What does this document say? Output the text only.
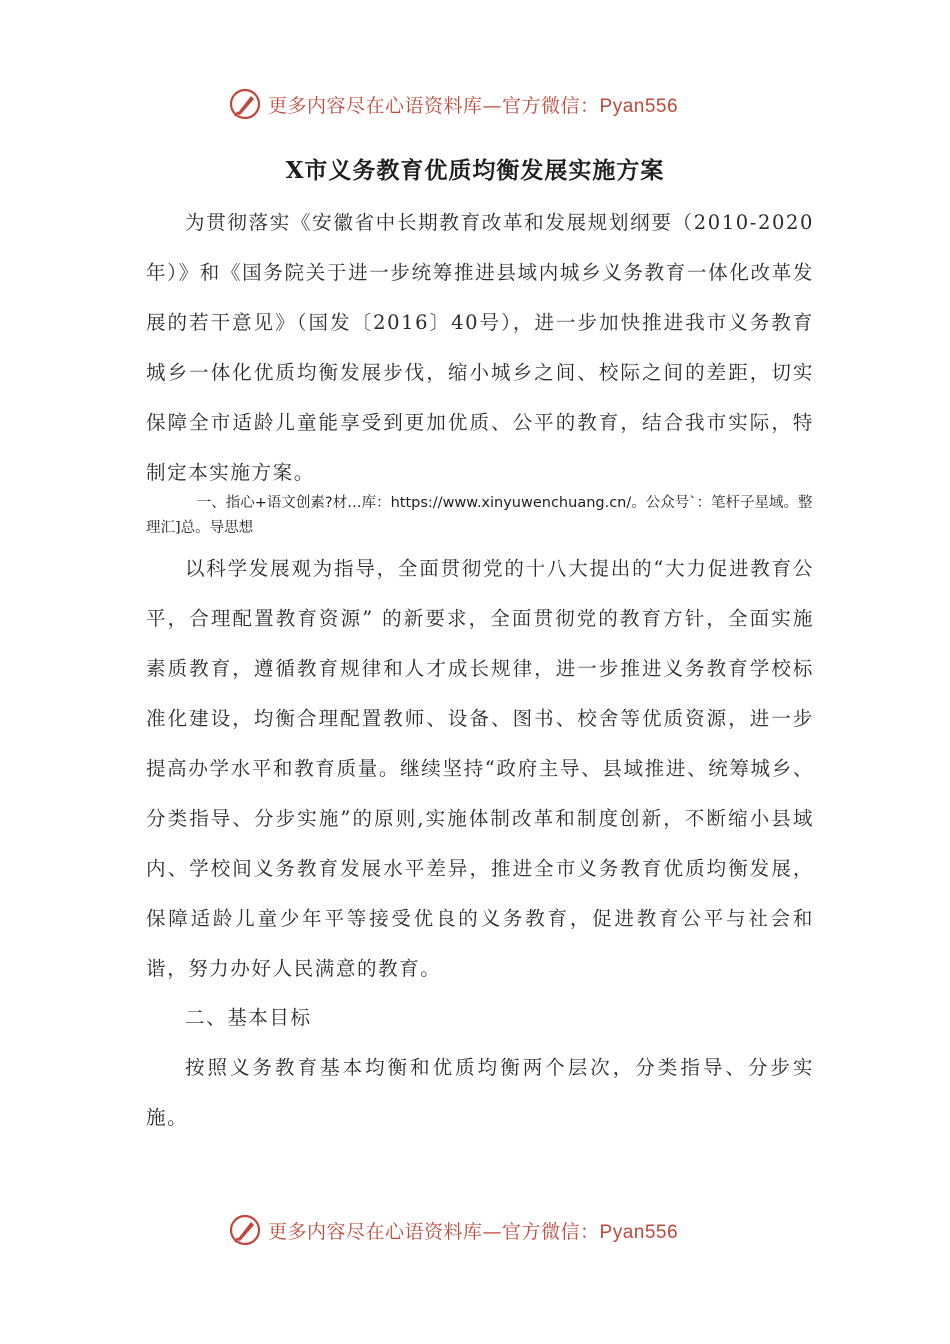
更多内容尽在心语资料库—官方微信：Pyan556
X市义务教育优质均衡发展实施方案

为贯彻落实《安徽省中长期教育改革和发展规划纲要（2010-2020年）》和《国务院关于进一步统筹推进县域内城乡义务教育一体化改革发展的若干意见》（国发〔2016〕40号），进一步加快推进我市义务教育城乡一体化优质均衡发展步伐，缩小城乡之间、校际之间的差距，切实保障全市适龄儿童能享受到更加优质、公平的教育，结合我市实际，特制定本实施方案。

一、指心+语文创素?材…库：https://www.xinyuwenchuang.cn/。公众号`：笔杆子星域。整理汇]总。导思想

以科学发展观为指导，全面贯彻党的十八大提出的“大力促进教育公平，合理配置教育资源” 的新要求，全面贯彻党的教育方针，全面实施素质教育，遵循教育规律和人才成长规律，进一步推进义务教育学校标准化建设，均衡合理配置教师、设备、图书、校舍等优质资源，进一步提高办学水平和教育质量。继续坚持“政府主导、县域推进、统筹城乡、分类指导、分步实施”的原则,实施体制改革和制度创新，不断缩小县域内、学校间义务教育发展水平差异，推进全市义务教育优质均衡发展，保障适龄儿童少年平等接受优良的义务教育，促进教育公平与社会和谐，努力办好人民满意的教育。

二、基本目标

按照义务教育基本均衡和优质均衡两个层次，分类指导、分步实施。

更多内容尽在心语资料库—官方微信：Pyan556
